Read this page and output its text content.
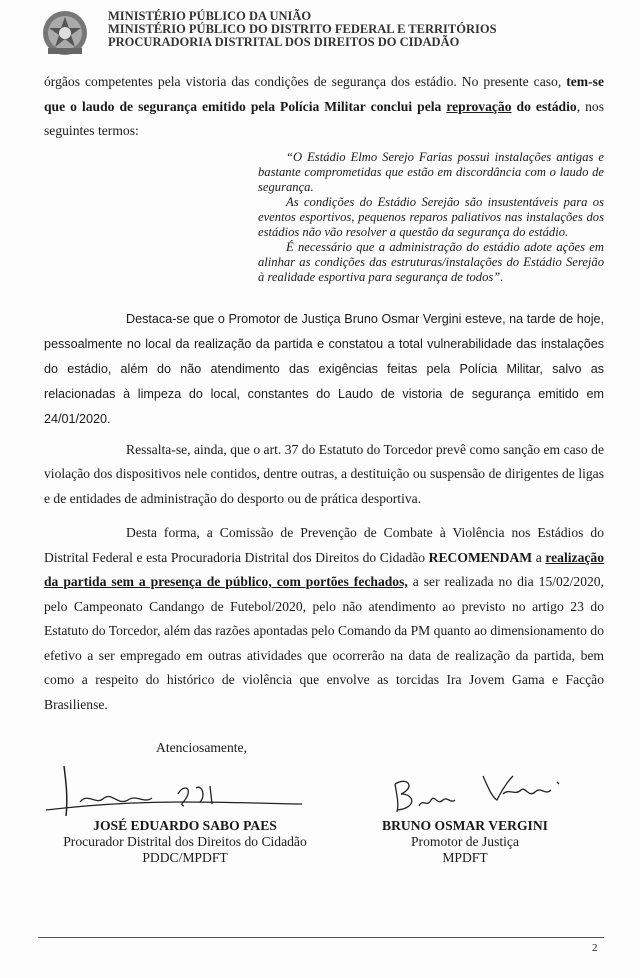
MINISTÉRIO PÚBLICO DA UNIÃO
MINISTÉRIO PÚBLICO DO DISTRITO FEDERAL E TERRITÓRIOS
PROCURADORIA DISTRITAL DOS DIREITOS DO CIDADÃO

órgãos competentes pela vistoria das condições de segurança dos estádio. No presente caso, tem-se que o laudo de segurança emitido pela Polícia Militar conclui pela reprovação do estádio, nos seguintes termos:

“O Estádio Elmo Serejo Farias possui instalações antigas e bastante comprometidas que estão em discordância com o laudo de segurança.

As condições do Estádio Serejão são insustentáveis para os eventos esportivos, pequenos reparos paliativos nas instalações dos estádios não vão resolver a questão da segurança do estádio.

É necessário que a administração do estádio adote ações em alinhar as condições das estruturas/instalações do Estádio Serejão à realidade esportiva para segurança de todos”.

Destaca-se que o Promotor de Justiça Bruno Osmar Vergini esteve, na tarde de hoje, pessoalmente no local da realização da partida e constatou a total vulnerabilidade das instalações do estádio, além do não atendimento das exigências feitas pela Polícia Militar, salvo as relacionadas à limpeza do local, constantes do Laudo de vistoria de segurança emitido em 24/01/2020.

Ressalta-se, ainda, que o art. 37 do Estatuto do Torcedor prevê como sanção em caso de violação dos dispositivos nele contidos, dentre outras, a destituição ou suspensão de dirigentes de ligas e de entidades de administração do desporto ou de prática desportiva.

Desta forma, a Comissão de Prevenção de Combate à Violência nos Estádios do Distrital Federal e esta Procuradoria Distrital dos Direitos do Cidadão RECOMENDAM a realização da partida sem a presença de público, com portões fechados, a ser realizada no dia 15/02/2020, pelo Campeonato Candango de Futebol/2020, pelo não atendimento ao previsto no artigo 23 do Estatuto do Torcedor, além das razões apontadas pelo Comando da PM quanto ao dimensionamento do efetivo a ser empregado em outras atividades que ocorrerão na data de realização da partida, bem como a respeito do histórico de violência que envolve as torcidas Ira Jovem Gama e Facção Brasiliense.

Atenciosamente,
JOSÉ EDUARDO SABO PAES
Procurador Distrital dos Direitos do Cidadão
PDDC/MPDFT
BRUNO OSMAR VERGINI
Promotor de Justiça
MPDFT
2
